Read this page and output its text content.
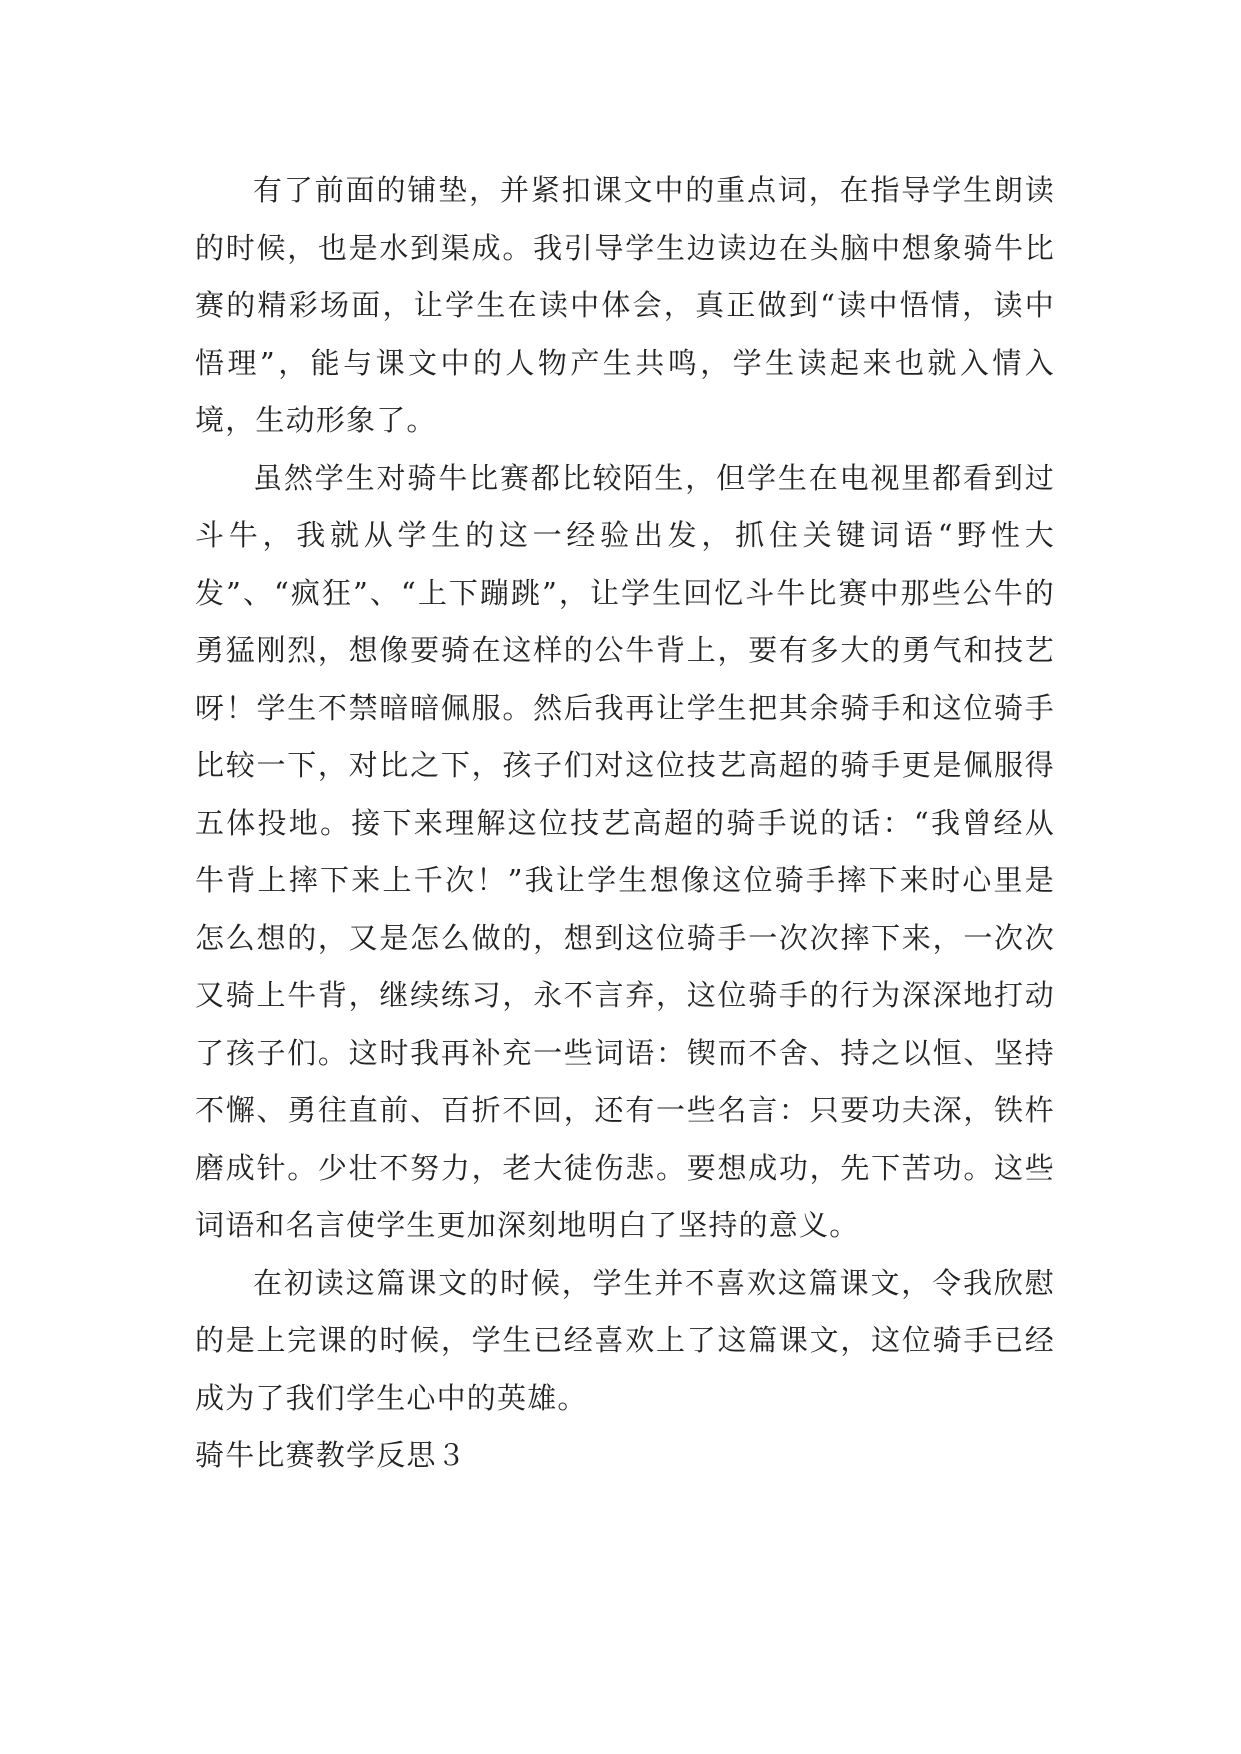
有了前面的铺垫，并紧扣课文中的重点词，在指导学生朗读的时候，也是水到渠成。我引导学生边读边在头脑中想象骑牛比赛的精彩场面，让学生在读中体会，真正做到“读中悟情，读中悟理”，能与课文中的人物产生共鸣，学生读起来也就入情入境，生动形象了。

虽然学生对骑牛比赛都比较陌生，但学生在电视里都看到过斗牛，我就从学生的这一经验出发，抓住关键词语“野性大发”、“疯狂”、“上下蹦跳”，让学生回忆斗牛比赛中那些公牛的勇猛刚烈，想像要骑在这样的公牛背上，要有多大的勇气和技艺呀！学生不禁暗暗佩服。然后我再让学生把其余骑手和这位骑手比较一下，对比之下，孩子们对这位技艺高超的骑手更是佩服得五体投地。接下来理解这位技艺高超的骑手说的话：“我曾经从牛背上摔下来上千次！”我让学生想像这位骑手摔下来时心里是怎么想的，又是怎么做的，想到这位骑手一次次摔下来，一次次又骑上牛背，继续练习，永不言弃，这位骑手的行为深深地打动了孩子们。这时我再补充一些词语：锲而不舍、持之以恒、坚持不懈、勇往直前、百折不回，还有一些名言：只要功夫深，铁杵磨成针。少壮不努力，老大徒伤悲。要想成功，先下苦功。这些词语和名言使学生更加深刻地明白了坚持的意义。

在初读这篇课文的时候，学生并不喜欢这篇课文，令我欣慰的是上完课的时候，学生已经喜欢上了这篇课文，这位骑手已经成为了我们学生心中的英雄。

骑牛比赛教学反思３
